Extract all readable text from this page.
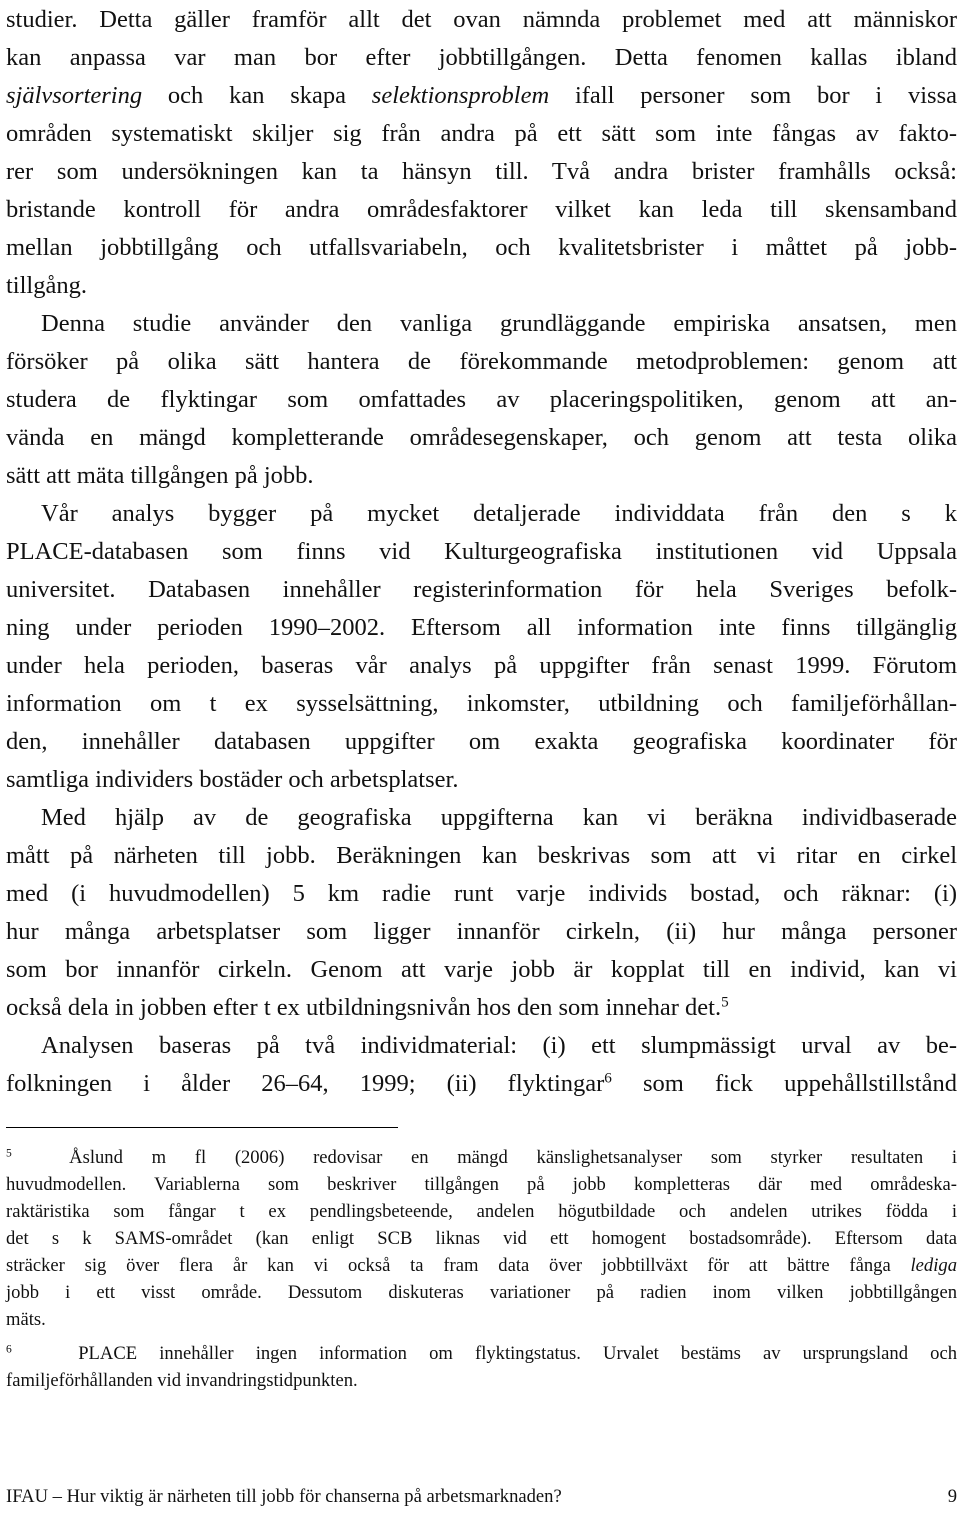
studier. Detta gäller framför allt det ovan nämnda problemet med att människor
kan anpassa var man bor efter jobbtillgången. Detta fenomen kallas ibland
självsortering och kan skapa selektionsproblem ifall personer som bor i vissa
områden systematiskt skiljer sig från andra på ett sätt som inte fångas av fakto-
rer som undersökningen kan ta hänsyn till. Två andra brister framhålls också:
bristande kontroll för andra områdesfaktorer vilket kan leda till skensamband
mellan jobbtillgång och utfallsvariabeln, och kvalitetsbrister i måttet på jobb-
tillgång.
Denna studie använder den vanliga grundläggande empiriska ansatsen, men
försöker på olika sätt hantera de förekommande metodproblemen: genom att
studera de flyktingar som omfattades av placeringspolitiken, genom att an-
vända en mängd kompletterande områdesegenskaper, och genom att testa olika
sätt att mäta tillgången på jobb.
Vår analys bygger på mycket detaljerade individdata från den s k
PLACE-databasen som finns vid Kulturgeografiska institutionen vid Uppsala
universitet. Databasen innehåller registerinformation för hela Sveriges befolk-
ning under perioden 1990–2002. Eftersom all information inte finns tillgänglig
under hela perioden, baseras vår analys på uppgifter från senast 1999. Förutom
information om t ex sysselsättning, inkomster, utbildning och familjeförhållan-
den, innehåller databasen uppgifter om exakta geografiska koordinater för
samtliga individers bostäder och arbetsplatser.
Med hjälp av de geografiska uppgifterna kan vi beräkna individbaserade
mått på närheten till jobb. Beräkningen kan beskrivas som att vi ritar en cirkel
med (i huvudmodellen) 5 km radie runt varje individs bostad, och räknar: (i)
hur många arbetsplatser som ligger innanför cirkeln, (ii) hur många personer
som bor innanför cirkeln. Genom att varje jobb är kopplat till en individ, kan vi
också dela in jobben efter t ex utbildningsnivån hos den som innehar det.$^5$
Analysen baseras på två individmaterial: (i) ett slumpmässigt urval av be-
folkningen i ålder 26–64, 1999; (ii) flyktingar$^6$ som fick uppehållstillstånd
$^5$	Åslund m fl (2006) redovisar en mängd känslighetsanalyser som styrker resultaten i
huvudmodellen. Variablerna som beskriver tillgången på jobb kompletteras där med områdeska-
raktäristika som fångar t ex pendlingsbeteende, andelen högutbildade och andelen utrikes födda i
det s k SAMS-området (kan enligt SCB liknas vid ett homogent bostadsområde). Eftersom data
sträcker sig över flera år kan vi också ta fram data över jobbtillväxt för att bättre fånga lediga
jobb i ett visst område. Dessutom diskuteras variationer på radien inom vilken jobbtillgången
mäts.
$^6$   PLACE innehåller ingen information om flyktingstatus. Urvalet bestäms av ursprungsland och
familjeförhållanden vid invandringstidpunkten.
IFAU – Hur viktig är närheten till jobb för chanserna på arbetsmarknaden?	9
